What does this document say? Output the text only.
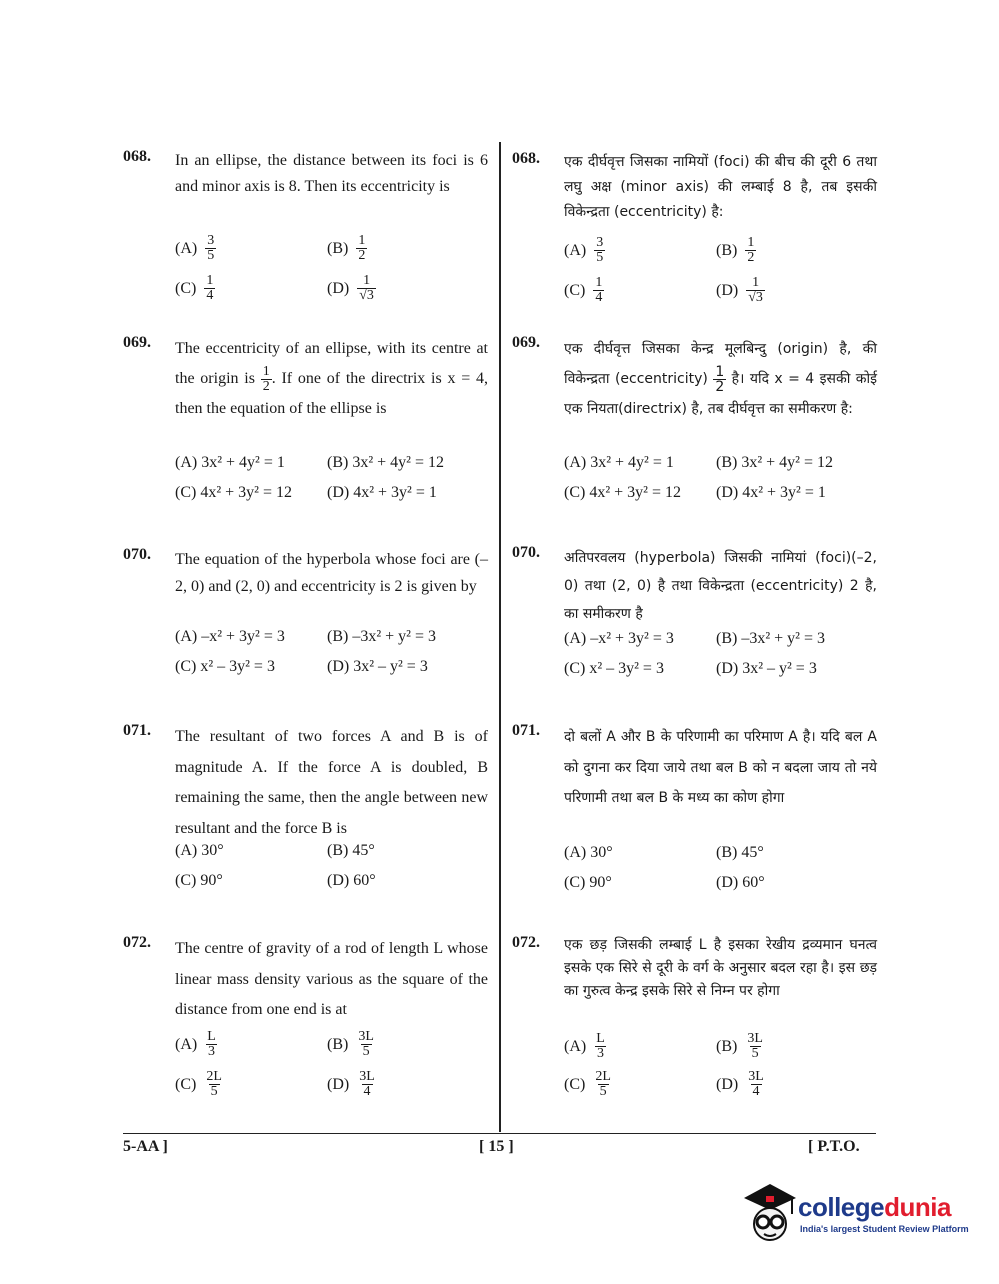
068. In an ellipse, the distance between its foci is 6 and minor axis is 8. Then its eccentricity is
$(A) \frac{3}{5}$	$(B) \frac{1}{2}$
$(C) \frac{1}{4}$	$(D) \frac{1}{√3}$
069. The eccentricity of an ellipse, with its centre at the origin is $\frac{1}{2}$ . If one of the directrix is x = 4, then the equation of the ellipse is
(A) 3x² + 4y² = 1	(B) 3x² + 4y² = 12
(C) 4x² + 3y² = 12 (D) 4x² + 3y² = 1
070. The equation of the hyperbola whose foci are (–2, 0) and (2, 0) and eccentricity is 2 is given by
(A) –x² + 3y² = 3	(B) –3x² + y² = 3
(C) x² – 3y² = 3	(D) 3x² – y² = 3
071. The resultant of two forces A and B is of magnitude A. If the force A is doubled, B remaining the same, then the angle between new resultant and the force B is
(A) 30°	(B) 45°
(C) 90°	(D) 60°
072. The centre of gravity of a rod of length L whose linear mass density various as the square of the distance from one end is at
$(A) \frac{L}{3}$	$(B) \frac{3L}{5}$
$(C) \frac{2L}{5}$	$(D) \frac{3L}{4}$
068. एक दीर्घवृत्त जिसका नामियों (foci) की बीच की दूरी 6 तथा लघु अक्ष (minor axis) की लम्बाई 8 है, तब इसकी विकेन्द्रता (eccentricity) है:
$(A) \frac{3}{5}$	$(B) \frac{1}{2}$
$(C) \frac{1}{4}$	$(D) \frac{1}{√3}$
069. एक दीर्घवृत्त जिसका केन्द्र मूलबिन्दु (origin) है, की विकेन्द्रता (eccentricity) $\frac{1}{2}$ है। यदि x = 4 इसकी कोई एक नियता(directrix) है, तब दीर्घवृत्त का समीकरण है:
(A) 3x² + 4y² = 1	(B) 3x² + 4y² = 12
(C) 4x² + 3y² = 12 (D) 4x² + 3y² = 1
070. अतिपरवलय (hyperbola) जिसकी नामियां (foci)(–2, 0) तथा (2, 0) है तथा विकेन्द्रता (eccentricity) 2 है, का समीकरण है
(A) –x² + 3y² = 3	(B) –3x² + y² = 3
(C) x² – 3y² = 3	(D) 3x² – y² = 3
071. दो बलों A और B के परिणामी का परिमाण A है। यदि बल A को दुगना कर दिया जाये तथा बल B को न बदला जाय तो नये परिणामी तथा बल B के मध्य का कोण होगा
(A) 30°	(B) 45°
(C) 90°	(D) 60°
072. एक छड़ जिसकी लम्बाई L है इसका रेखीय द्रव्यमान घनत्व इसके एक सिरे से दूरी के वर्ग के अनुसार बदल रहा है। इस छड़ का गुरुत्व केन्द्र इसके सिरे से निम्न पर होगा
$(A) \frac{L}{3}$	$(B) \frac{3L}{5}$
$(C) \frac{2L}{5}$	$(D) \frac{3L}{4}$
5-AA ]	[ 15 ]	[ P.T.O.
collegedunia
India's largest Student Review Platform
